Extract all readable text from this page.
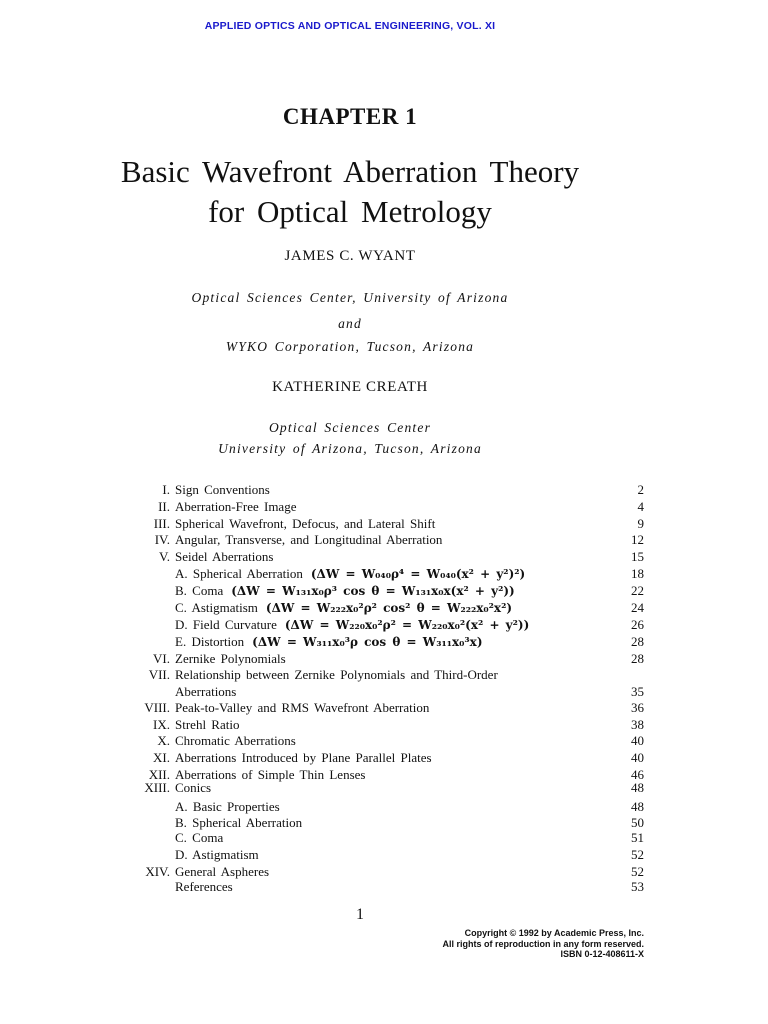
APPLIED OPTICS AND OPTICAL ENGINEERING, VOL. XI
CHAPTER 1
Basic Wavefront Aberration Theory
for Optical Metrology
JAMES C. WYANT
Optical Sciences Center, University of Arizona
and
WYKO Corporation, Tucson, Arizona
KATHERINE CREATH
Optical Sciences Center
University of Arizona, Tucson, Arizona
I. Sign Conventions	2
II. Aberration-Free Image	4
III. Spherical Wavefront, Defocus, and Lateral Shift	9
IV. Angular, Transverse, and Longitudinal Aberration	12
V. Seidel Aberrations	15
A. Spherical Aberration (ΔW = W₀₄₀ρ⁴ = W₀₄₀(x² + y²)²)	18
B. Coma (ΔW = W₁₃₁x₀ρ³ cos θ = W₁₃₁x₀x(x² + y²))	22
C. Astigmatism (ΔW = W₂₂₂x₀²ρ² cos² θ = W₂₂₂x₀²x²)	24
D. Field Curvature (ΔW = W₂₂₀x₀²ρ² = W₂₂₀x₀²(x² + y²))	26
E. Distortion (ΔW = W₃₁₁x₀³ρ cos θ = W₃₁₁x₀³x)	28
VI. Zernike Polynomials	28
VII. Relationship between Zernike Polynomials and Third-Order
Aberrations	35
VIII. Peak-to-Valley and RMS Wavefront Aberration	36
IX. Strehl Ratio	38
X. Chromatic Aberrations	40
XI. Aberrations Introduced by Plane Parallel Plates	40
XII. Aberrations of Simple Thin Lenses	46
XIII. Conics	48
A. Basic Properties	48
B. Spherical Aberration	50
C. Coma	51
D. Astigmatism	52
XIV. General Aspheres	52
References	53
1
Copyright © 1992 by Academic Press, Inc.
All rights of reproduction in any form reserved.
ISBN 0-12-408611-X
